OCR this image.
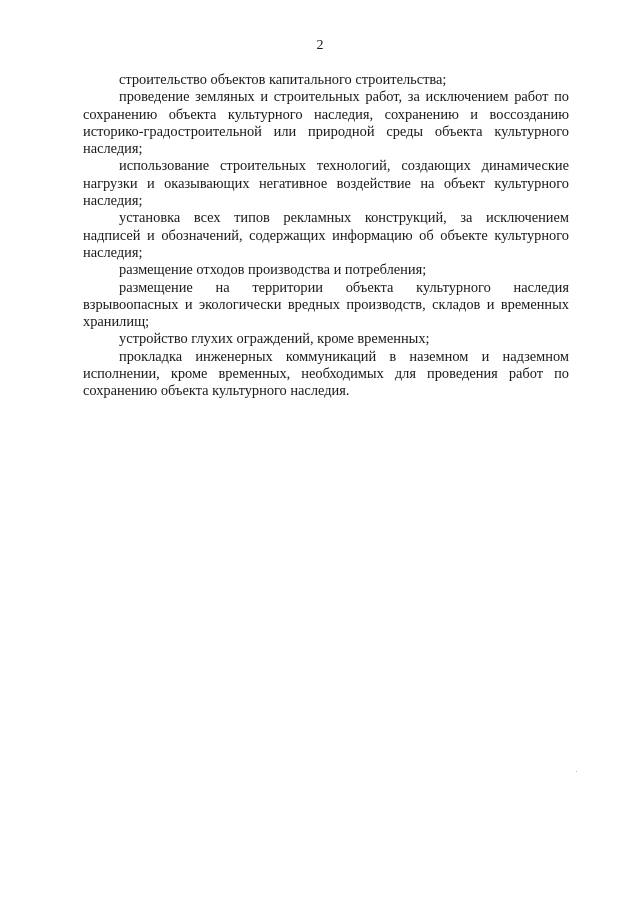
2

строительство объектов капитального строительства;

проведение земляных и строительных работ, за исключением работ по сохранению объекта культурного наследия, сохранению и воссозданию историко-градостроительной или природной среды объекта культурного наследия;

использование строительных технологий, создающих динамические нагрузки и оказывающих негативное воздействие на объект культурного наследия;

установка всех типов рекламных конструкций, за исключением надписей и обозначений, содержащих информацию об объекте культурного наследия;

размещение отходов производства и потребления;

размещение на территории объекта культурного наследия взрывоопасных и экологически вредных производств, складов и временных хранилищ;

устройство глухих ограждений, кроме временных;

прокладка инженерных коммуникаций в наземном и надземном исполнении, кроме временных, необходимых для проведения работ по сохранению объекта культурного наследия.
